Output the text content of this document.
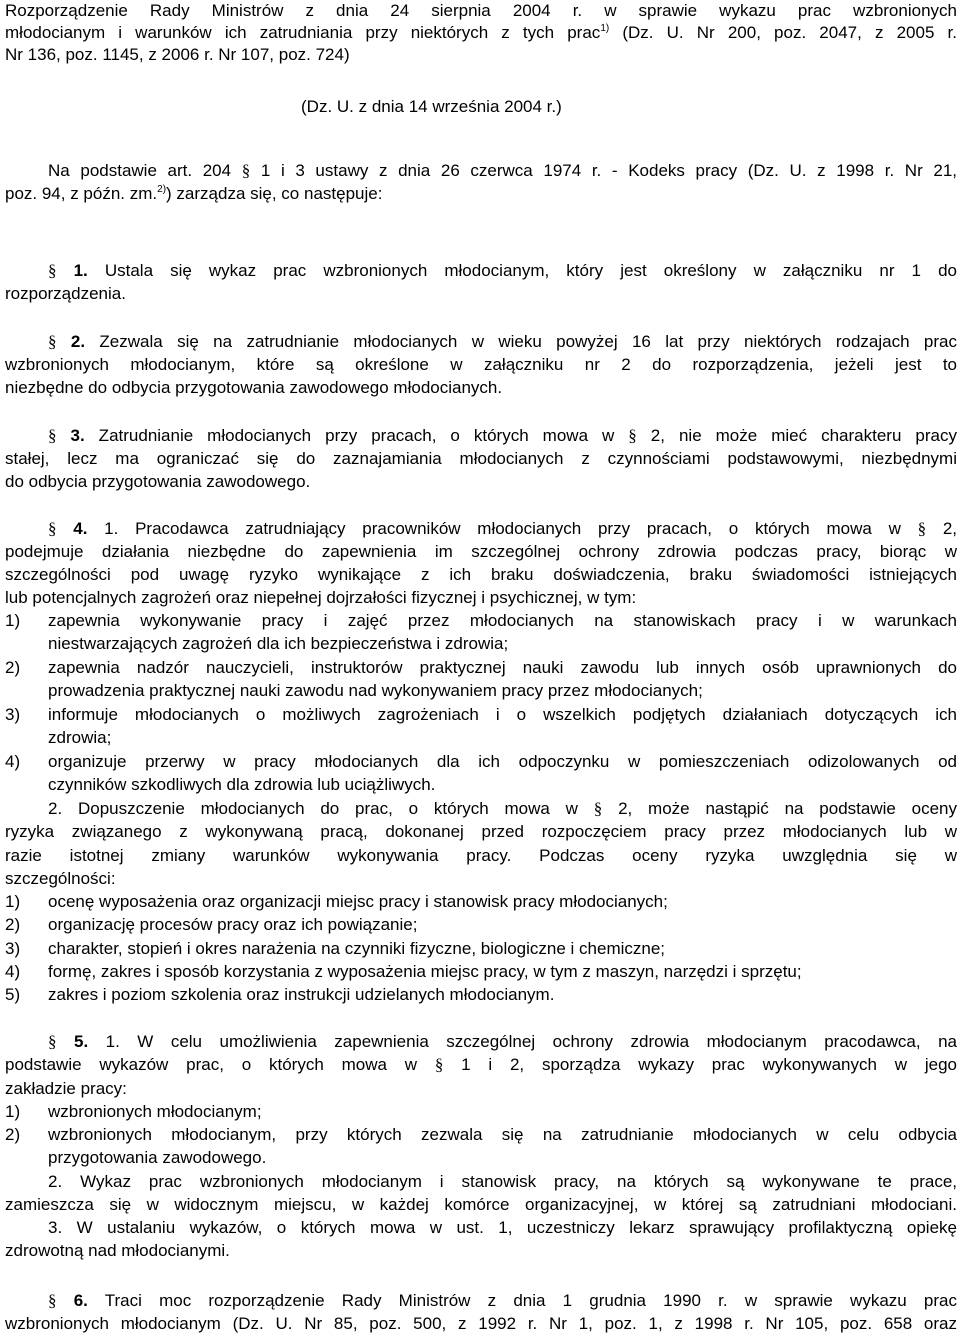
Rozporządzenie Rady Ministrów z dnia 24 sierpnia 2004 r. w sprawie wykazu prac wzbronionych
młodocianym i warunków ich zatrudniania przy niektórych z tych prac$^{1)}$ (Dz. U. Nr 200, poz. 2047, z 2005 r.
Nr 136, poz. 1145, z 2006 r. Nr 107, poz. 724)
(Dz. U. z dnia 14 września 2004 r.)
Na podstawie art. 204 § 1 i 3 ustawy z dnia 26 czerwca 1974 r. - Kodeks pracy (Dz. U. z 1998 r. Nr 21,
poz. 94, z późn. zm.$^{2)}$) zarządza się, co następuje:
§ 1. Ustala się wykaz prac wzbronionych młodocianym, który jest określony w załączniku nr 1 do
rozporządzenia.
§ 2. Zezwala się na zatrudnianie młodocianych w wieku powyżej 16 lat przy niektórych rodzajach prac
wzbronionych młodocianym, które są określone w załączniku nr 2 do rozporządzenia, jeżeli jest to
niezbędne do odbycia przygotowania zawodowego młodocianych.
§ 3. Zatrudnianie młodocianych przy pracach, o których mowa w § 2, nie może mieć charakteru pracy
stałej, lecz ma ograniczać się do zaznajamiania młodocianych z czynnościami podstawowymi, niezbędnymi
do odbycia przygotowania zawodowego.
§ 4. 1. Pracodawca zatrudniający pracowników młodocianych przy pracach, o których mowa w § 2,
podejmuje działania niezbędne do zapewnienia im szczególnej ochrony zdrowia podczas pracy, biorąc w
szczególności pod uwagę ryzyko wynikające z ich braku doświadczenia, braku świadomości istniejących
lub potencjalnych zagrożeń oraz niepełnej dojrzałości fizycznej i psychicznej, w tym:
1) zapewnia wykonywanie pracy i zajęć przez młodocianych na stanowiskach pracy i w warunkach
niestwarzających zagrożeń dla ich bezpieczeństwa i zdrowia;
2) zapewnia nadzór nauczycieli, instruktorów praktycznej nauki zawodu lub innych osób uprawnionych do
prowadzenia praktycznej nauki zawodu nad wykonywaniem pracy przez młodocianych;
3) informuje młodocianych o możliwych zagrożeniach i o wszelkich podjętych działaniach dotyczących ich
zdrowia;
4) organizuje przerwy w pracy młodocianych dla ich odpoczynku w pomieszczeniach odizolowanych od
czynników szkodliwych dla zdrowia lub uciążliwych.
2. Dopuszczenie młodocianych do prac, o których mowa w § 2, może nastąpić na podstawie oceny
ryzyka związanego z wykonywaną pracą, dokonanej przed rozpoczęciem pracy przez młodocianych lub w
razie istotnej zmiany warunków wykonywania pracy. Podczas oceny ryzyka uwzględnia się w
szczególności:
1) ocenę wyposażenia oraz organizacji miejsc pracy i stanowisk pracy młodocianych;
2) organizację procesów pracy oraz ich powiązanie;
3) charakter, stopień i okres narażenia na czynniki fizyczne, biologiczne i chemiczne;
4) formę, zakres i sposób korzystania z wyposażenia miejsc pracy, w tym z maszyn, narzędzi i sprzętu;
5) zakres i poziom szkolenia oraz instrukcji udzielanych młodocianym.
§ 5. 1. W celu umożliwienia zapewnienia szczególnej ochrony zdrowia młodocianym pracodawca, na
podstawie wykazów prac, o których mowa w § 1 i 2, sporządza wykazy prac wykonywanych w jego
zakładzie pracy:
1) wzbronionych młodocianym;
2) wzbronionych młodocianym, przy których zezwala się na zatrudnianie młodocianych w celu odbycia
przygotowania zawodowego.
2. Wykaz prac wzbronionych młodocianym i stanowisk pracy, na których są wykonywane te prace,
zamieszcza się w widocznym miejscu, w każdej komórce organizacyjnej, w której są zatrudniani młodociani.
3. W ustalaniu wykazów, o których mowa w ust. 1, uczestniczy lekarz sprawujący profilaktyczną opiekę
zdrowotną nad młodocianymi.
§ 6. Traci moc rozporządzenie Rady Ministrów z dnia 1 grudnia 1990 r. w sprawie wykazu prac
wzbronionych młodocianym (Dz. U. Nr 85, poz. 500, z 1992 r. Nr 1, poz. 1, z 1998 r. Nr 105, poz. 658 oraz
